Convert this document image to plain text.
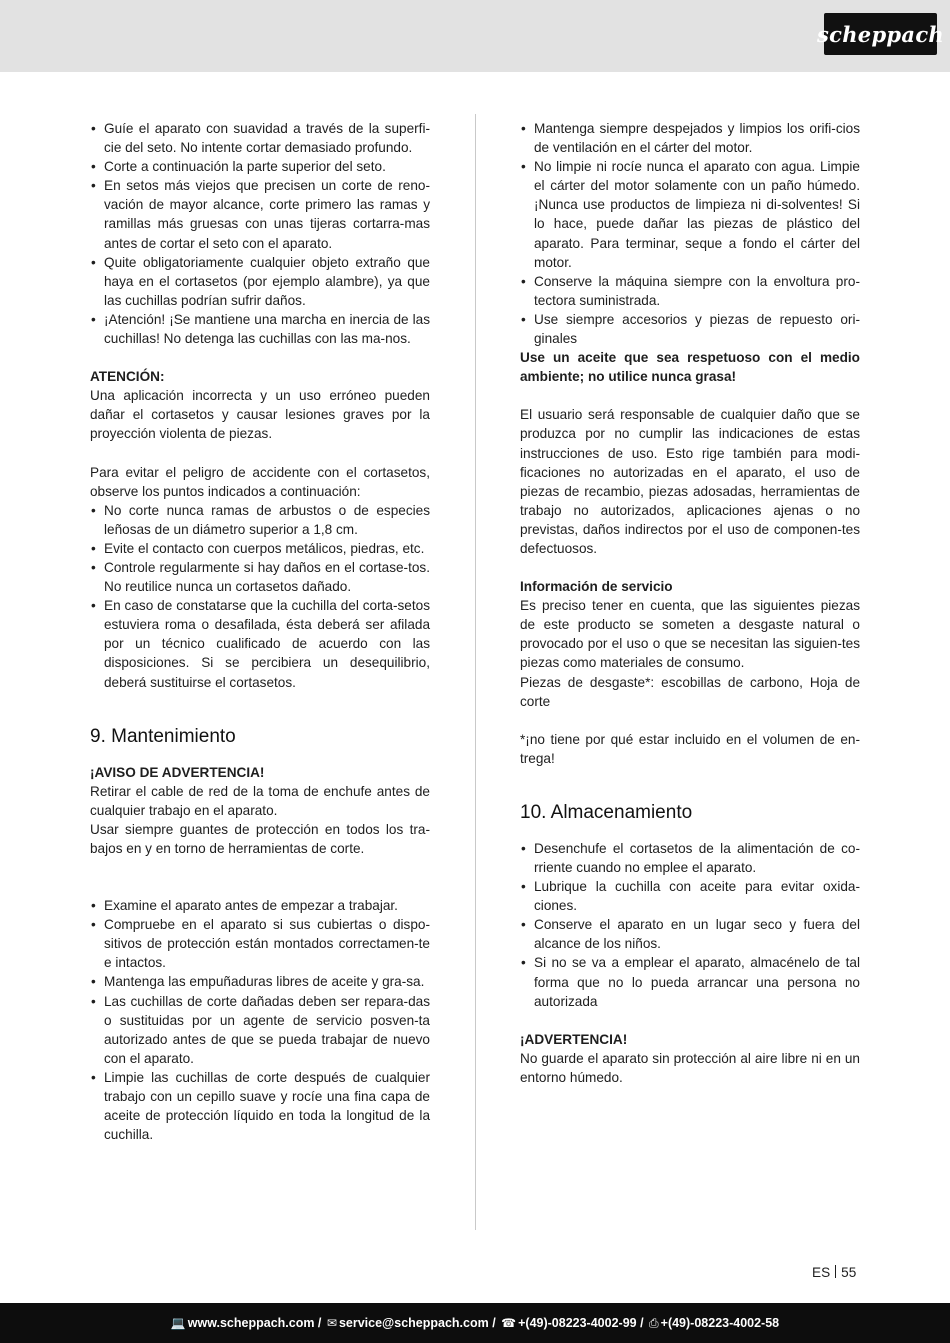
scheppach
• Guíe el aparato con suavidad a través de la superfi-cie del seto. No intente cortar demasiado profundo.
• Corte a continuación la parte superior del seto.
• En setos más viejos que precisen un corte de reno-vación de mayor alcance, corte primero las ramas y ramillas más gruesas con unas tijeras cortarra-mas antes de cortar el seto con el aparato.
• Quite obligatoriamente cualquier objeto extraño que haya en el cortasetos (por ejemplo alambre), ya que las cuchillas podrían sufrir daños.
• ¡Atención! ¡Se mantiene una marcha en inercia de las cuchillas! No detenga las cuchillas con las ma-nos.

ATENCIÓN:

Una aplicación incorrecta y un uso erróneo pueden dañar el cortasetos y causar lesiones graves por la proyección violenta de piezas.

Para evitar el peligro de accidente con el cortasetos, observe los puntos indicados a continuación:

• No corte nunca ramas de arbustos o de especies leñosas de un diámetro superior a 1,8 cm.
• Evite el contacto con cuerpos metálicos, piedras, etc.
• Controle regularmente si hay daños en el cortase-tos. No reutilice nunca un cortasetos dañado.
• En caso de constatarse que la cuchilla del corta-setos estuviera roma o desafilada, ésta deberá ser afilada por un técnico cualificado de acuerdo con las disposiciones. Si se percibiera un desequilibrio, deberá sustituirse el cortasetos.
9. Mantenimiento

¡AVISO DE ADVERTENCIA!

Retirar el cable de red de la toma de enchufe antes de cualquier trabajo en el aparato.

Usar siempre guantes de protección en todos los tra-bajos en y en torno de herramientas de corte.

• Examine el aparato antes de empezar a trabajar.
• Compruebe en el aparato si sus cubiertas o dispo-sitivos de protección están montados correctamen-te e intactos.
• Mantenga las empuñaduras libres de aceite y gra-sa.
• Las cuchillas de corte dañadas deben ser repara-das o sustituidas por un agente de servicio posven-ta autorizado antes de que se pueda trabajar de nuevo con el aparato.
• Limpie las cuchillas de corte después de cualquier trabajo con un cepillo suave y rocíe una fina capa de aceite de protección líquido en toda la longitud de la cuchilla.
• Mantenga siempre despejados y limpios los orifi-cios de ventilación en el cárter del motor.
• No limpie ni rocíe nunca el aparato con agua. Limpie el cárter del motor solamente con un paño húmedo. ¡Nunca use productos de limpieza ni di-solventes! Si lo hace, puede dañar las piezas de plástico del aparato. Para terminar, seque a fondo el cárter del motor.
• Conserve la máquina siempre con la envoltura pro-tectora suministrada.
• Use siempre accesorios y piezas de repuesto ori-ginales

Use un aceite que sea respetuoso con el medio ambiente; no utilice nunca grasa!

El usuario será responsable de cualquier daño que se produzca por no cumplir las indicaciones de estas instrucciones de uso. Esto rige también para modi-ficaciones no autorizadas en el aparato, el uso de piezas de recambio, piezas adosadas, herramientas de trabajo no autorizados, aplicaciones ajenas o no previstas, daños indirectos por el uso de componen-tes defectuosos.

Información de servicio

Es preciso tener en cuenta, que las siguientes piezas de este producto se someten a desgaste natural o provocado por el uso o que se necesitan las siguien-tes piezas como materiales de consumo.

Piezas de desgaste*: escobillas de carbono, Hoja de corte

*¡no tiene por qué estar incluido en el volumen de en-trega!

10. Almacenamiento
• Desenchufe el cortasetos de la alimentación de co-rriente cuando no emplee el aparato.
• Lubrique la cuchilla con aceite para evitar oxida-ciones.
• Conserve el aparato en un lugar seco y fuera del alcance de los niños.
• Si no se va a emplear el aparato, almacénelo de tal forma que no lo pueda arrancar una persona no autorizada

¡ADVERTENCIA!

No guarde el aparato sin protección al aire libre ni en un entorno húmedo.

ES 55
💻 www.scheppach.com /
✉ service@scheppach.com /
☎ +(49)-08223-4002-99 /
⎙ +(49)-08223-4002-58
